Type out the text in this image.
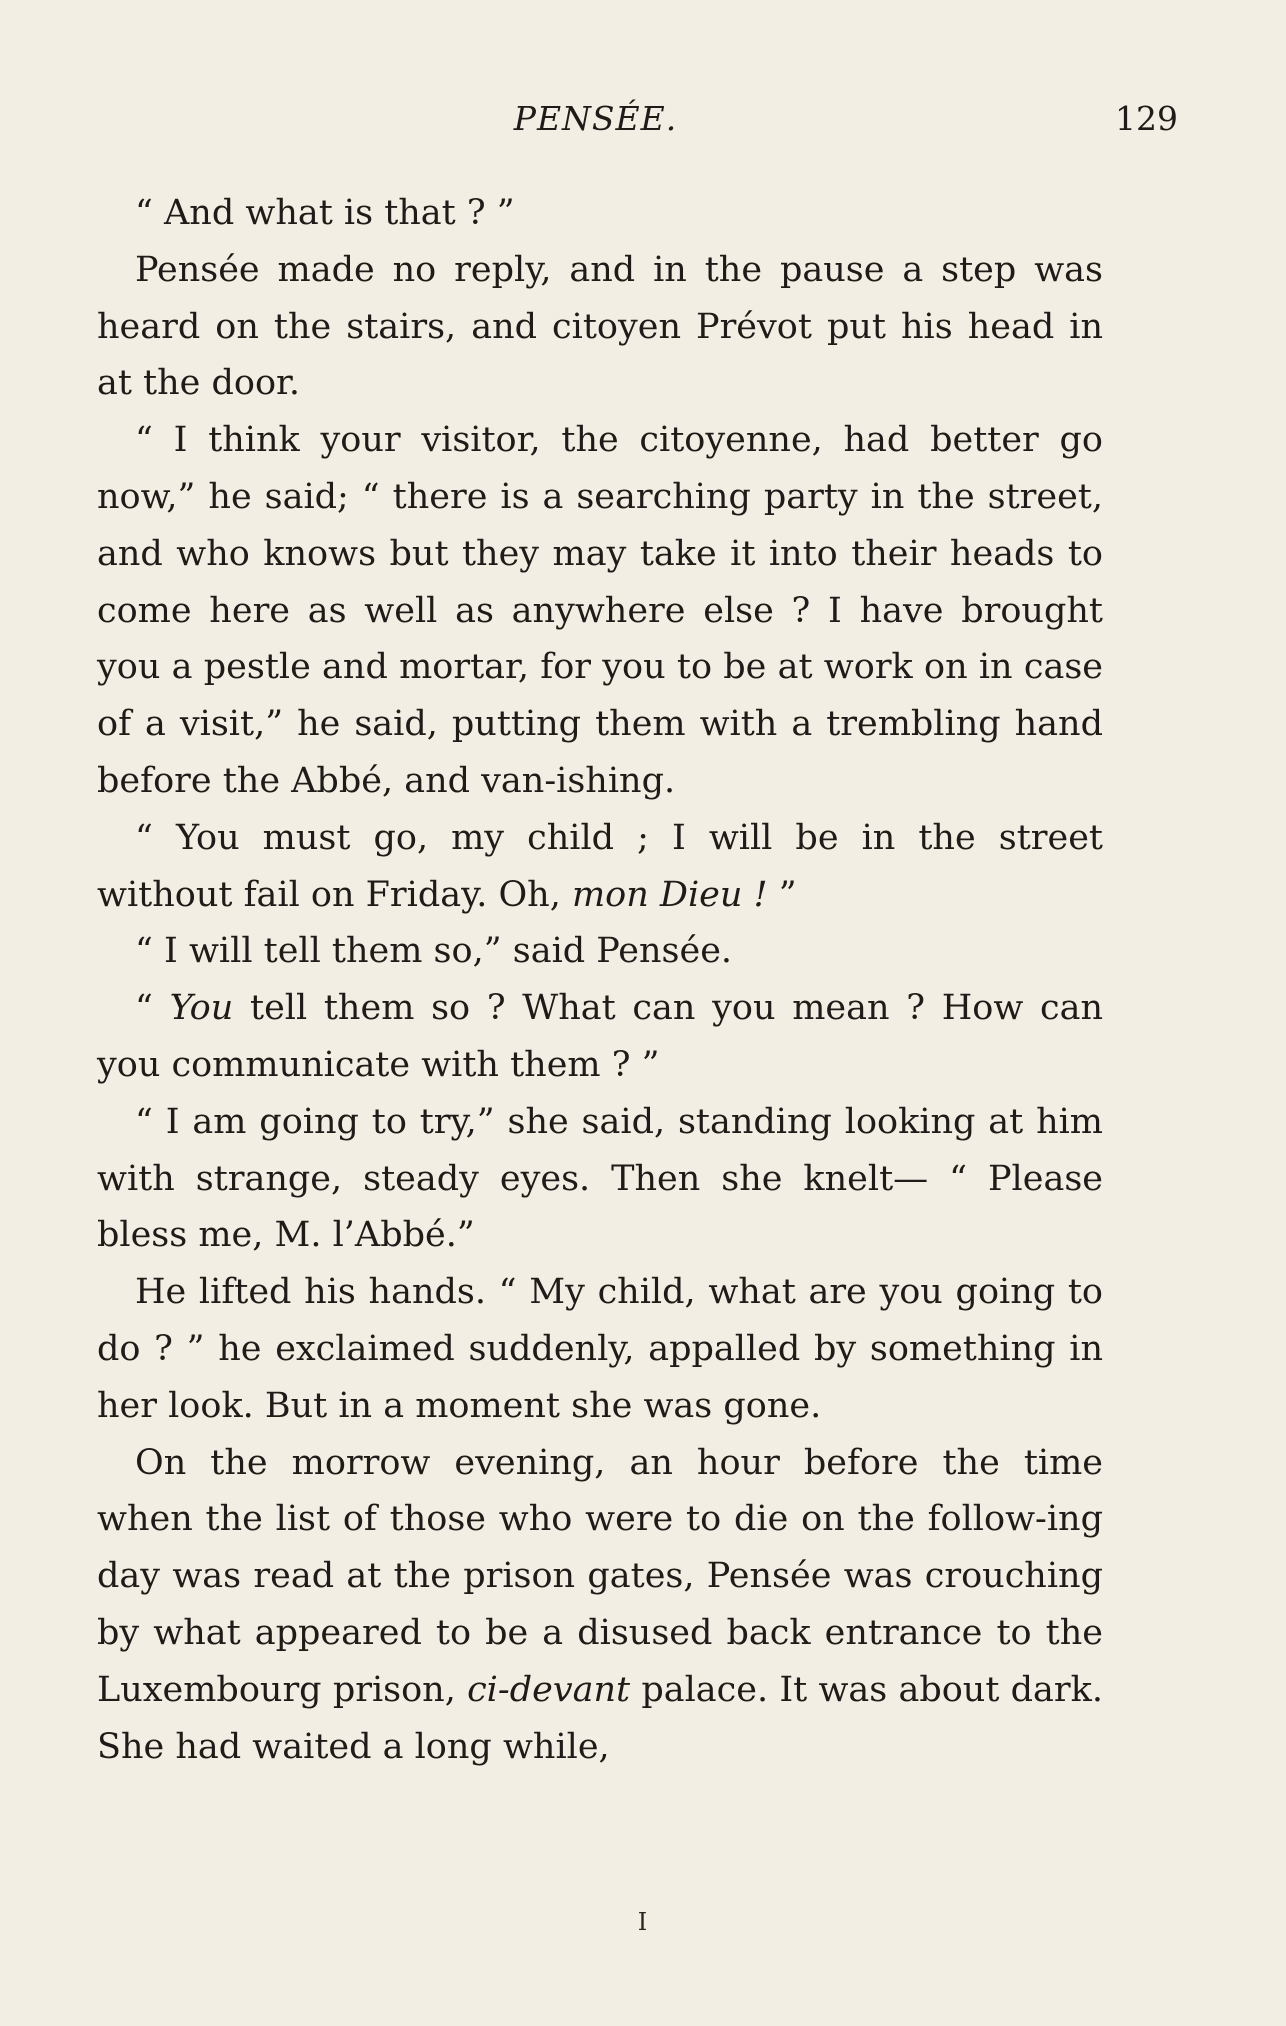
PENSÉE.	129

“ And what is that ? ”

Pensée made no reply, and in the pause a step was heard on the stairs, and citoyen Prévot put his head in at the door.

“ I think your visitor, the citoyenne, had better go now,” he said; “ there is a searching party in the street, and who knows but they may take it into their heads to come here as well as anywhere else ? I have brought you a pestle and mortar, for you to be at work on in case of a visit,” he said, putting them with a trembling hand before the Abbé, and van-ishing.

“ You must go, my child ; I will be in the street without fail on Friday. Oh, mon Dieu ! ”

“ I will tell them so,” said Pensée.

“ You tell them so ? What can you mean ? How can you communicate with them ? ”

“ I am going to try,” she said, standing looking at him with strange, steady eyes. Then she knelt— “ Please bless me, M. l’Abbé.”

He lifted his hands. “ My child, what are you going to do ? ” he exclaimed suddenly, appalled by something in her look. But in a moment she was gone.

On the morrow evening, an hour before the time when the list of those who were to die on the follow-ing day was read at the prison gates, Pensée was crouching by what appeared to be a disused back entrance to the Luxembourg prison, ci-devant palace. It was about dark. She had waited a long while,

I
